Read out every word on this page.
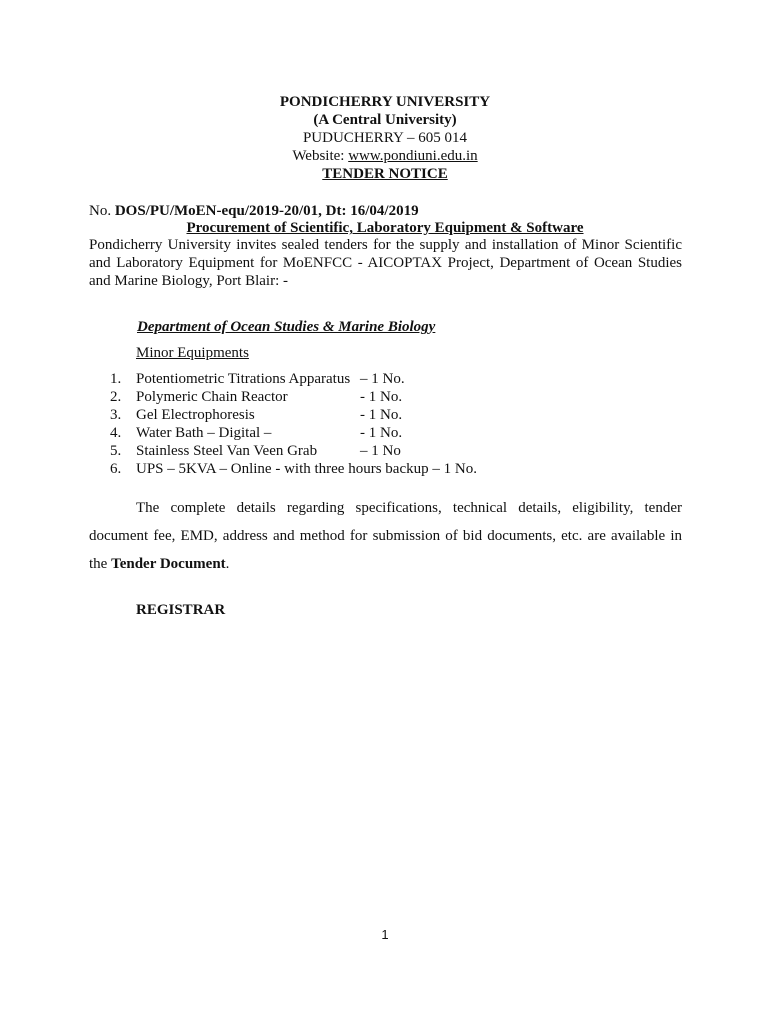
PONDICHERRY UNIVERSITY
(A Central University)
PUDUCHERRY – 605 014
Website: www.pondiuni.edu.in
TENDER NOTICE
No. DOS/PU/MoEN-equ/2019-20/01, Dt: 16/04/2019
Procurement of Scientific, Laboratory Equipment & Software
Pondicherry University invites sealed tenders for the supply and installation of Minor Scientific and Laboratory Equipment for MoENFCC - AICOPTAX Project, Department of Ocean Studies and Marine Biology, Port Blair: -
Department of Ocean Studies & Marine Biology
Minor Equipments
1. Potentiometric Titrations Apparatus – 1 No.
2. Polymeric Chain Reactor	- 1 No.
3. Gel Electrophoresis	- 1 No.
4. Water Bath – Digital –	- 1 No.
5. Stainless Steel Van Veen Grab	– 1 No
6. UPS – 5KVA – Online - with three hours backup – 1 No.
The complete details regarding specifications, technical details, eligibility, tender document fee, EMD, address and method for submission of bid documents, etc. are available in the Tender Document.
REGISTRAR
1
